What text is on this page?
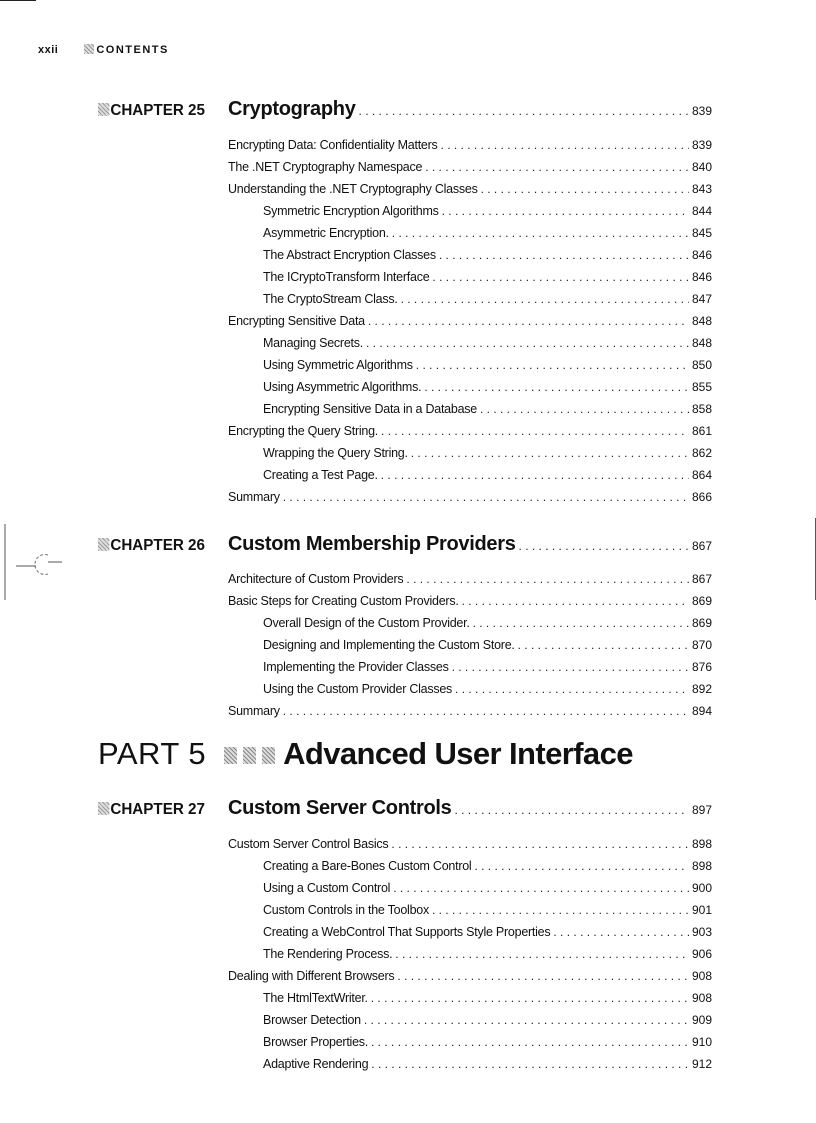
xxii	CONTENTS
CHAPTER 25	Cryptography . . .	839
Encrypting Data: Confidentiality Matters . . .	839
The .NET Cryptography Namespace . . .	840
Understanding the .NET Cryptography Classes . . .	843
Symmetric Encryption Algorithms . . .	844
Asymmetric Encryption. . . .	845
The Abstract Encryption Classes . . .	846
The ICryptoTransform Interface . . .	846
The CryptoStream Class. . . .	847
Encrypting Sensitive Data . . .	848
Managing Secrets. . . .	848
Using Symmetric Algorithms . . .	850
Using Asymmetric Algorithms. . . .	855
Encrypting Sensitive Data in a Database . . .	858
Encrypting the Query String. . . .	861
Wrapping the Query String. . . .	862
Creating a Test Page. . . .	864
Summary . . .	866
CHAPTER 26	Custom Membership Providers . . .	867
Architecture of Custom Providers . . .	867
Basic Steps for Creating Custom Providers. . . .	869
Overall Design of the Custom Provider. . . .	869
Designing and Implementing the Custom Store. . . .	870
Implementing the Provider Classes . . .	876
Using the Custom Provider Classes . . .	892
Summary . . .	894
PART 5 Advanced User Interface
CHAPTER 27	Custom Server Controls . . .	897
Custom Server Control Basics . . .	898
Creating a Bare-Bones Custom Control . . .	898
Using a Custom Control . . .	900
Custom Controls in the Toolbox . . .	901
Creating a WebControl That Supports Style Properties . . .	903
The Rendering Process. . . .	906
Dealing with Different Browsers . . .	908
The HtmlTextWriter. . . .	908
Browser Detection . . .	909
Browser Properties. . . .	910
Adaptive Rendering . . .	912
